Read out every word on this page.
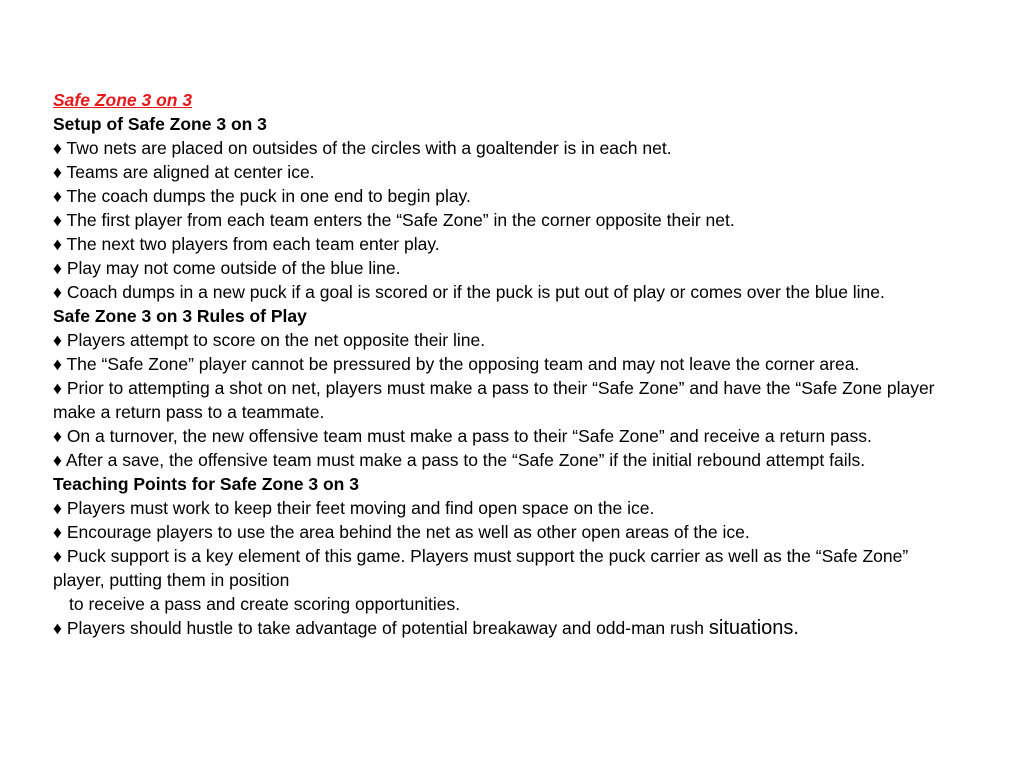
Safe Zone 3 on 3
Setup of Safe Zone 3 on 3
♦ Two nets are placed on outsides of the circles with a goaltender is in each net.
♦ Teams are aligned at center ice.
♦ The coach dumps the puck in one end to begin play.
♦ The first player from each team enters the “Safe Zone” in the corner opposite their net.
♦ The next two players from each team enter play.
♦ Play may not come outside of the blue line.
♦ Coach dumps in a new puck if a goal is scored or if the puck is put out of play or comes over the blue line.
Safe Zone 3 on 3 Rules of Play
♦ Players attempt to score on the net opposite their line.
♦ The “Safe Zone” player cannot be pressured by the opposing team and may not leave the corner area.
♦ Prior to attempting a shot on net, players must make a pass to their “Safe Zone” and have the “Safe Zone player make a return pass to a teammate.
♦ On a turnover, the new offensive team must make a pass to their “Safe Zone” and receive a return pass.
♦ After a save, the offensive team must make a pass to the “Safe Zone” if the initial rebound attempt fails.
Teaching Points for Safe Zone 3 on 3
♦ Players must work to keep their feet moving and find open space on the ice.
♦ Encourage players to use the area behind the net as well as other open areas of the ice.
♦ Puck support is a key element of this game. Players must support the puck carrier as well as the “Safe Zone” player, putting them in position
to receive a pass and create scoring opportunities.
♦ Players should hustle to take advantage of potential breakaway and odd-man rush situations.
